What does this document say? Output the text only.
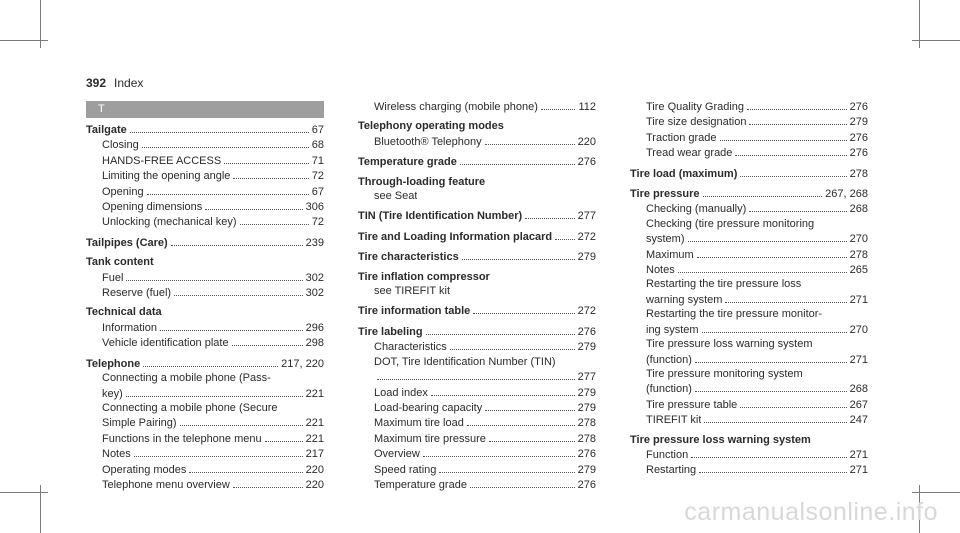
392 Index
T
Tailgate	67
Closing	68
HANDS-FREE ACCESS	71
Limiting the opening angle	72
Opening	67
Opening dimensions	306
Unlocking (mechanical key)	72
Tailpipes (Care)	239
Tank content
Fuel	302
Reserve (fuel)	302
Technical data
Information	296
Vehicle identification plate	298
Telephone	217, 220
Connecting a mobile phone (Pass-
key)	221
Connecting a mobile phone (Secure
Simple Pairing)	221
Functions in the telephone menu	221
Notes	217
Operating modes	220
Telephone menu overview	220
Wireless charging (mobile phone)	112
Telephony operating modes
Bluetooth® Telephony	220
Temperature grade	276
Through-loading feature
see Seat
TIN (Tire Identification Number)	277
Tire and Loading Information placard 272
Tire characteristics	279
Tire inflation compressor
see TIREFIT kit
Tire information table	272
Tire labeling	276
Characteristics	279
DOT, Tire Identification Number (TIN)
277
Load index	279
Load-bearing capacity	279
Maximum tire load	278
Maximum tire pressure	278
Overview	276
Speed rating	279
Temperature grade	276
Tire Quality Grading	276
Tire size designation	279
Traction grade	276
Tread wear grade	276
Tire load (maximum)	278
Tire pressure	267, 268
Checking (manually)	268
Checking (tire pressure monitoring
system)	270
Maximum	278
Notes	265
Restarting the tire pressure loss
warning system	271
Restarting the tire pressure monitor-
ing system	270
Tire pressure loss warning system
(function)	271
Tire pressure monitoring system
(function)	268
Tire pressure table	267
TIREFIT kit	247
Tire pressure loss warning system
Function	271
Restarting	271
carmanualsonline.info
